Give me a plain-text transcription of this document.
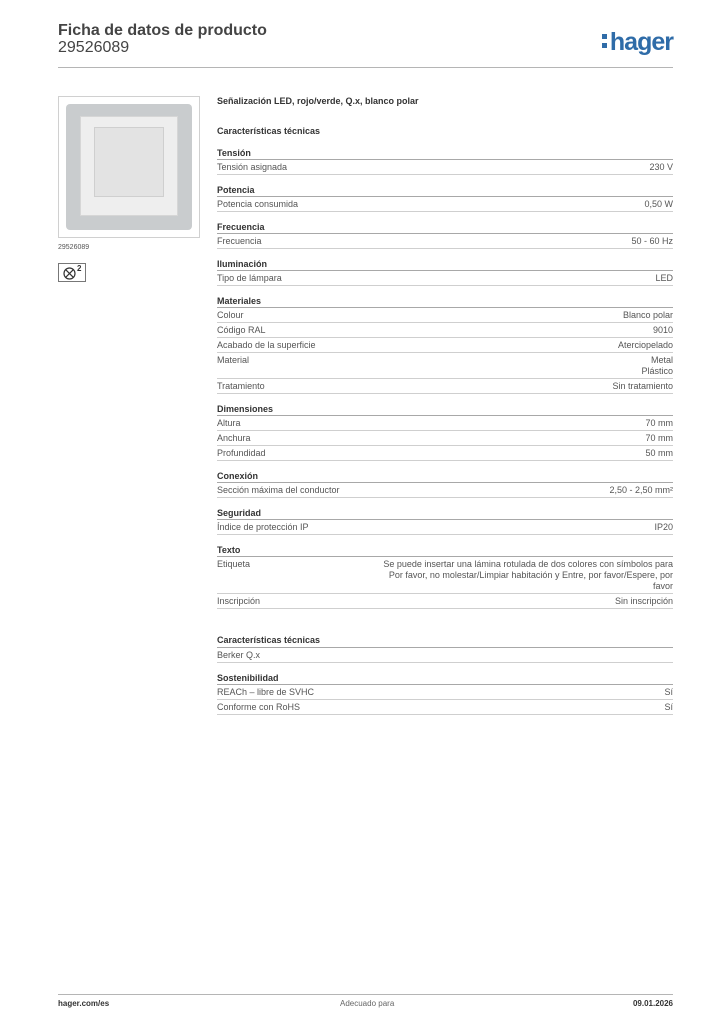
Ficha de datos de producto
29526089	hager
29526089
2
Señalización LED, rojo/verde, Q.x, blanco polar
Características técnicas
Tensión
Tensión asignada	230 V
Potencia
Potencia consumida	0,50 W
Frecuencia
Frecuencia	50 - 60 Hz
Iluminación
Tipo de lámpara	LED
Materiales
Colour	Blanco polar
Código RAL	9010
Acabado de la superficie	Aterciopelado
Material	Metal
Plástico
Tratamiento	Sin tratamiento
Dimensiones
Altura	70 mm
Anchura	70 mm
Profundidad	50 mm
Conexión
Sección máxima del conductor	2,50 - 2,50 mm²
Seguridad
Índice de protección IP	IP20
Texto
Etiqueta	Se puede insertar una lámina rotulada de dos colores con símbolos para
Por favor, no molestar/Limpiar habitación y Entre, por favor/Espere, por
favor
Inscripción	Sin inscripción
Características técnicas
Berker Q.x
Sostenibilidad
REACh – libre de SVHC	Sí
Conforme con RoHS	Sí
hager.com/es	Adecuado para	09.01.2026
